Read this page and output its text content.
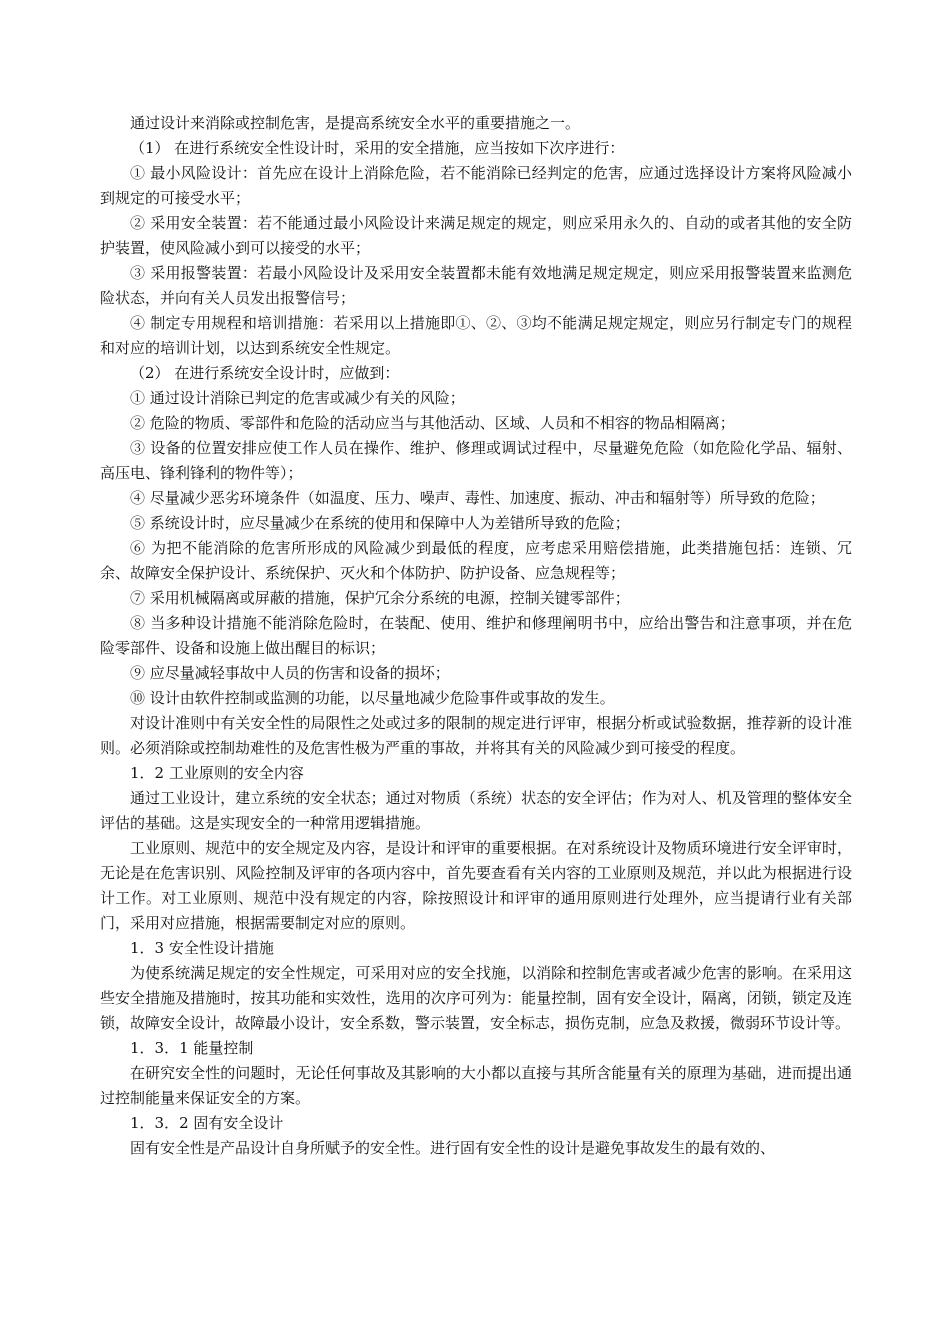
通过设计来消除或控制危害，是提高系统安全水平的重要措施之一。

（1） 在进行系统安全性设计时，采用的安全措施，应当按如下次序进行：

① 最小风险设计：首先应在设计上消除危险，若不能消除已经判定的危害，应通过选择设计方案将风险减小到规定的可接受水平；

② 采用安全装置：若不能通过最小风险设计来满足规定的规定，则应采用永久的、自动的或者其他的安全防护装置，使风险减小到可以接受的水平；

③ 采用报警装置：若最小风险设计及采用安全装置都未能有效地满足规定规定，则应采用报警装置来监测危险状态，并向有关人员发出报警信号；

④ 制定专用规程和培训措施：若采用以上措施即①、②、③均不能满足规定规定，则应另行制定专门的规程和对应的培训计划，以达到系统安全性规定。

（2） 在进行系统安全设计时，应做到：

① 通过设计消除已判定的危害或减少有关的风险；

② 危险的物质、零部件和危险的活动应当与其他活动、区域、人员和不相容的物品相隔离；

③ 设备的位置安排应使工作人员在操作、维护、修理或调试过程中，尽量避免危险（如危险化学品、辐射、高压电、锋利锋利的物件等）；

④ 尽量减少恶劣环境条件（如温度、压力、噪声、毒性、加速度、振动、冲击和辐射等）所导致的危险；

⑤ 系统设计时，应尽量减少在系统的使用和保障中人为差错所导致的危险；

⑥ 为把不能消除的危害所形成的风险减少到最低的程度，应考虑采用赔偿措施，此类措施包括：连锁、冗余、故障安全保护设计、系统保护、灭火和个体防护、防护设备、应急规程等；

⑦ 采用机械隔离或屏蔽的措施，保护冗余分系统的电源，控制关键零部件；

⑧ 当多种设计措施不能消除危险时，在装配、使用、维护和修理阐明书中，应给出警告和注意事项，并在危险零部件、设备和设施上做出醒目的标识；

⑨ 应尽量减轻事故中人员的伤害和设备的损坏；

⑩ 设计由软件控制或监测的功能，以尽量地减少危险事件或事故的发生。

对设计准则中有关安全性的局限性之处或过多的限制的规定进行评审，根据分析或试验数据，推荐新的设计准则。必须消除或控制劫难性的及危害性极为严重的事故，并将其有关的风险减少到可接受的程度。

1．2 工业原则的安全内容

通过工业设计，建立系统的安全状态；通过对物质（系统）状态的安全评估；作为对人、机及管理的整体安全评估的基础。这是实现安全的一种常用逻辑措施。

工业原则、规范中的安全规定及内容，是设计和评审的重要根据。在对系统设计及物质环境进行安全评审时，无论是在危害识别、风险控制及评审的各项内容中，首先要查看有关内容的工业原则及规范，并以此为根据进行设计工作。对工业原则、规范中没有规定的内容，除按照设计和评审的通用原则进行处理外，应当提请行业有关部门，采用对应措施，根据需要制定对应的原则。

1．3 安全性设计措施

为使系统满足规定的安全性规定，可采用对应的安全找施，以消除和控制危害或者减少危害的影响。在采用这些安全措施及措施时，按其功能和实效性，选用的次序可列为：能量控制，固有安全设计，隔离，闭锁，锁定及连锁，故障安全设计，故障最小设计，安全系数，警示装置，安全标志，损伤克制，应急及救援，微弱环节设计等。

1．3．1 能量控制

在研究安全性的问题时，无论任何事故及其影响的大小都以直接与其所含能量有关的原理为基础，进而提出通过控制能量来保证安全的方案。

1．3．2 固有安全设计

固有安全性是产品设计自身所赋予的安全性。进行固有安全性的设计是避免事故发生的最有效的、
